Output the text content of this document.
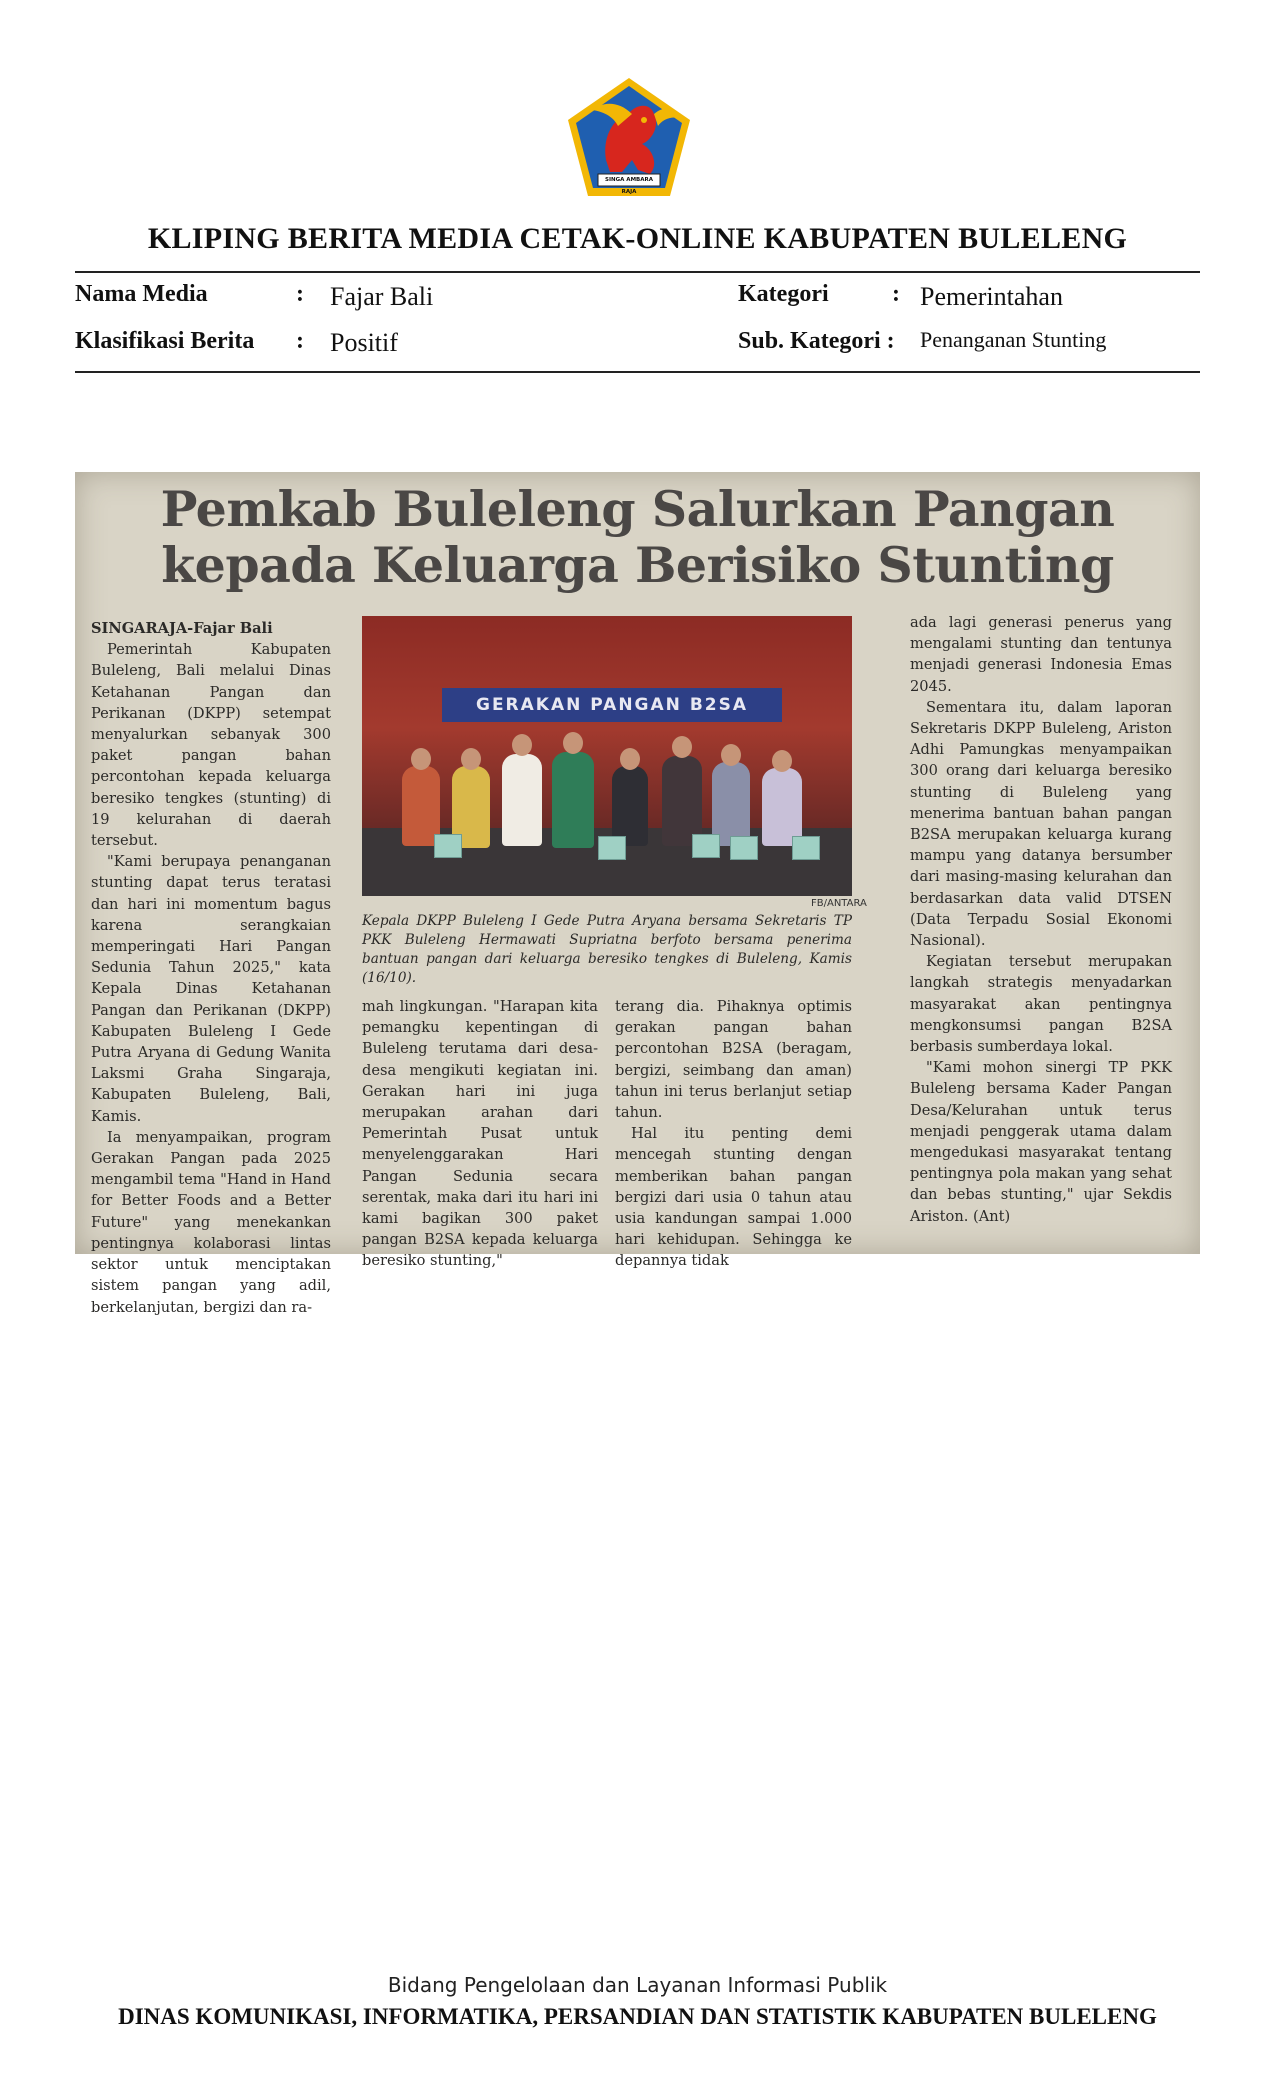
SINGA AMBARA RAJA
KLIPING BERITA MEDIA CETAK-ONLINE KABUPATEN BULELENG
Nama Media	: Fajar Bali
Klasifikasi Berita : Positif
Kategori	: Pemerintahan
Sub. Kategori : Penanganan Stunting
Pemkab Buleleng Salurkan Pangan
kepada Keluarga Berisiko Stunting

SINGARAJA-Fajar Bali

Pemerintah Kabupaten Buleleng, Bali melalui Dinas Ketahanan Pangan dan Perikanan (DKPP) setempat menyalurkan sebanyak 300 paket pangan bahan percontohan kepada keluarga beresiko tengkes (stunting) di 19 kelurahan di daerah tersebut.

"Kami berupaya penanganan stunting dapat terus teratasi dan hari ini momentum bagus karena serangkaian memperingati Hari Pangan Sedunia Tahun 2025," kata Kepala Dinas Ketahanan Pangan dan Perikanan (DKPP) Kabupaten Buleleng I Gede Putra Aryana di Gedung Wanita Laksmi Graha Singaraja, Kabupaten Buleleng, Bali, Kamis.

Ia menyampaikan, program Gerakan Pangan pada 2025 mengambil tema "Hand in Hand for Better Foods and a Better Future" yang menekankan pentingnya kolaborasi lintas sektor untuk menciptakan sistem pangan yang adil, berkelanjutan, bergizi dan ra-

GERAKAN PANGAN B2SA
FB/ANTARA
Kepala DKPP Buleleng I Gede Putra Aryana bersama Sekretaris TP PKK Buleleng Hermawati Supriatna berfoto bersama penerima bantuan pangan dari keluarga beresiko tengkes di Buleleng, Kamis (16/10).

mah lingkungan. "Harapan kita pemangku kepentingan di Buleleng terutama dari desa-desa mengikuti kegiatan ini. Gerakan hari ini juga merupakan arahan dari Pemerintah Pusat untuk menyelenggarakan Hari Pangan Sedunia secara serentak, maka dari itu hari ini kami bagikan 300 paket pangan B2SA kepada keluarga beresiko stunting,"

terang dia. Pihaknya optimis gerakan pangan bahan percontohan B2SA (beragam, bergizi, seimbang dan aman) tahun ini terus berlanjut setiap tahun.

Hal itu penting demi mencegah stunting dengan memberikan bahan pangan bergizi dari usia 0 tahun atau usia kandungan sampai 1.000 hari kehidupan. Sehingga ke depannya tidak

ada lagi generasi penerus yang mengalami stunting dan tentunya menjadi generasi Indonesia Emas 2045.

Sementara itu, dalam laporan Sekretaris DKPP Buleleng, Ariston Adhi Pamungkas menyampaikan 300 orang dari keluarga beresiko stunting di Buleleng yang menerima bantuan bahan pangan B2SA merupakan keluarga kurang mampu yang datanya bersumber dari masing-masing kelurahan dan berdasarkan data valid DTSEN (Data Terpadu Sosial Ekonomi Nasional).

Kegiatan tersebut merupakan langkah strategis menyadarkan masyarakat akan pentingnya mengkonsumsi pangan B2SA berbasis sumberdaya lokal.

"Kami mohon sinergi TP PKK Buleleng bersama Kader Pangan Desa/Kelurahan untuk terus menjadi penggerak utama dalam mengedukasi masyarakat tentang pentingnya pola makan yang sehat dan bebas stunting," ujar Sekdis Ariston. (Ant)

Bidang Pengelolaan dan Layanan Informasi Publik
DINAS KOMUNIKASI, INFORMATIKA, PERSANDIAN DAN STATISTIK KABUPATEN BULELENG
